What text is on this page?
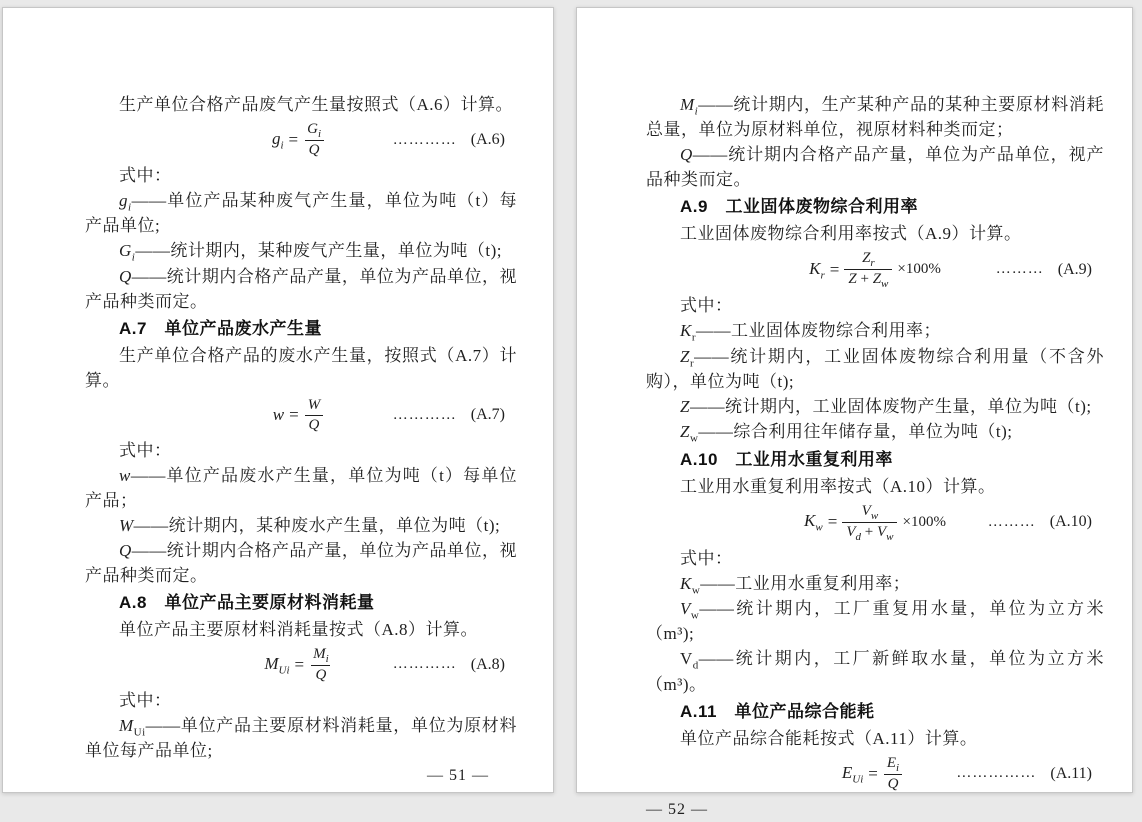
生产单位合格产品废气产生量按照式（A.6）计算。

$g_i = \frac{G_i}{Q}$	………… (A.6)

式中：

$g_i——$单位产品某种废气产生量，单位为吨（t）每产品单位;

$G_i——$统计期内，某种废气产生量，单位为吨（t);

Q——统计期内合格产品产量，单位为产品单位，视产品种类而定。

A.7　单位产品废水产生量

生产单位合格产品的废水产生量，按照式（A.7）计算。

$w = \frac{W}{Q}$	………… (A.7)

式中：

w——单位产品废水产生量，单位为吨（t）每单位产品；

W——统计期内，某种废水产生量，单位为吨（t);

Q——统计期内合格产品产量，单位为产品单位，视产品种类而定。

A.8　单位产品主要原材料消耗量

单位产品主要原材料消耗量按式（A.8）计算。

$M_{Ui} = \frac{M_i}{Q}$	………… (A.8)

式中：

$M_{Ui}——$单位产品主要原材料消耗量，单位为原材料单位每产品单位;

— 51 —

$M_i——$统计期内，生产某种产品的某种主要原材料消耗总量，单位为原材料单位，视原材料种类而定；

Q——统计期内合格产品产量，单位为产品单位，视产品种类而定。

A.9　工业固体废物综合利用率

工业固体废物综合利用率按式（A.9）计算。

$K_r = \frac{Z_r}{Z + Z_w} \times 100\%$	……… (A.9)

式中：

$K_r——$工业固体废物综合利用率；

$Z_r——$统计期内，工业固体废物综合利用量（不含外购），单位为吨（t);

Z——统计期内，工业固体废物产生量，单位为吨（t);

$Z_w——$综合利用往年储存量，单位为吨（t);

A.10　工业用水重复利用率

工业用水重复利用率按式（A.10）计算。

$K_w = \frac{V_w}{V_d + V_w} \times 100\%$	……… (A.10)

式中：

$K_w——$工业用水重复利用率；

$V_w——$统计期内，工厂重复用水量，单位为立方米（m³);

$V_d——$统计期内，工厂新鲜取水量，单位为立方米（m³)。

A.11　单位产品综合能耗

单位产品综合能耗按式（A.11）计算。

$E_{Ui} = \frac{E_i}{Q}$	…………… (A.11)

— 52 —
